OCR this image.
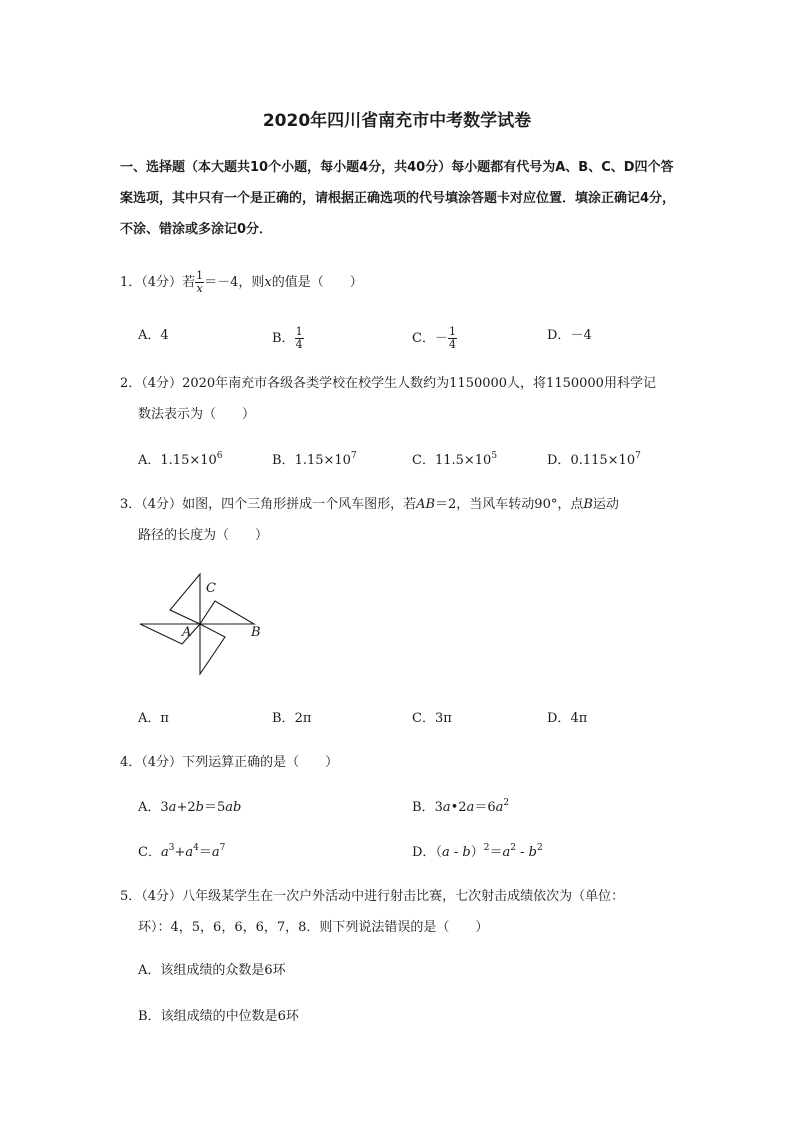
2020年四川省南充市中考数学试卷

一、选择题（本大题共10个小题，每小题4分，共40分）每小题都有代号为A、B、C、D四个答案选项，其中只有一个是正确的，请根据正确选项的代号填涂答题卡对应位置．填涂正确记4分，不涂、错涂或多涂记0分．

1．（4分）若 $\frac{1}{x} =-4$，则x的值是（　　）
A．4	B． $\frac{1}{4}$	C．－ $\frac{1}{4}$	D．－4
2．（4分）2020年南充市各级各类学校在校学生人数约为1150000人，将1150000用科学记
数法表示为（　　）
A．$1.15\times 10^6$	B．$1.15\times 10^7$	C．$11.5\times 10^5$	D．$0.115\times 10^7$
3．（4分）如图，四个三角形拼成一个风车图形，若AB＝2，当风车转动90°，点B运动
路径的长度为（　　）
C
A	B
A．π	B．2π	C．3π	D．4π
4．（4分）下列运算正确的是（　　）
A．3a+2b＝5ab	B．$3a•2a=6a^2$
C．$a^3+a^4=a^7$	D．$(a - b)^2=a^2 - b^2$
5．（4分）八年级某学生在一次户外活动中进行射击比赛，七次射击成绩依次为（单位：
环）：4，5，6，6，6，7，8．则下列说法错误的是（　　）
A．该组成绩的众数是6环
B．该组成绩的中位数是6环
